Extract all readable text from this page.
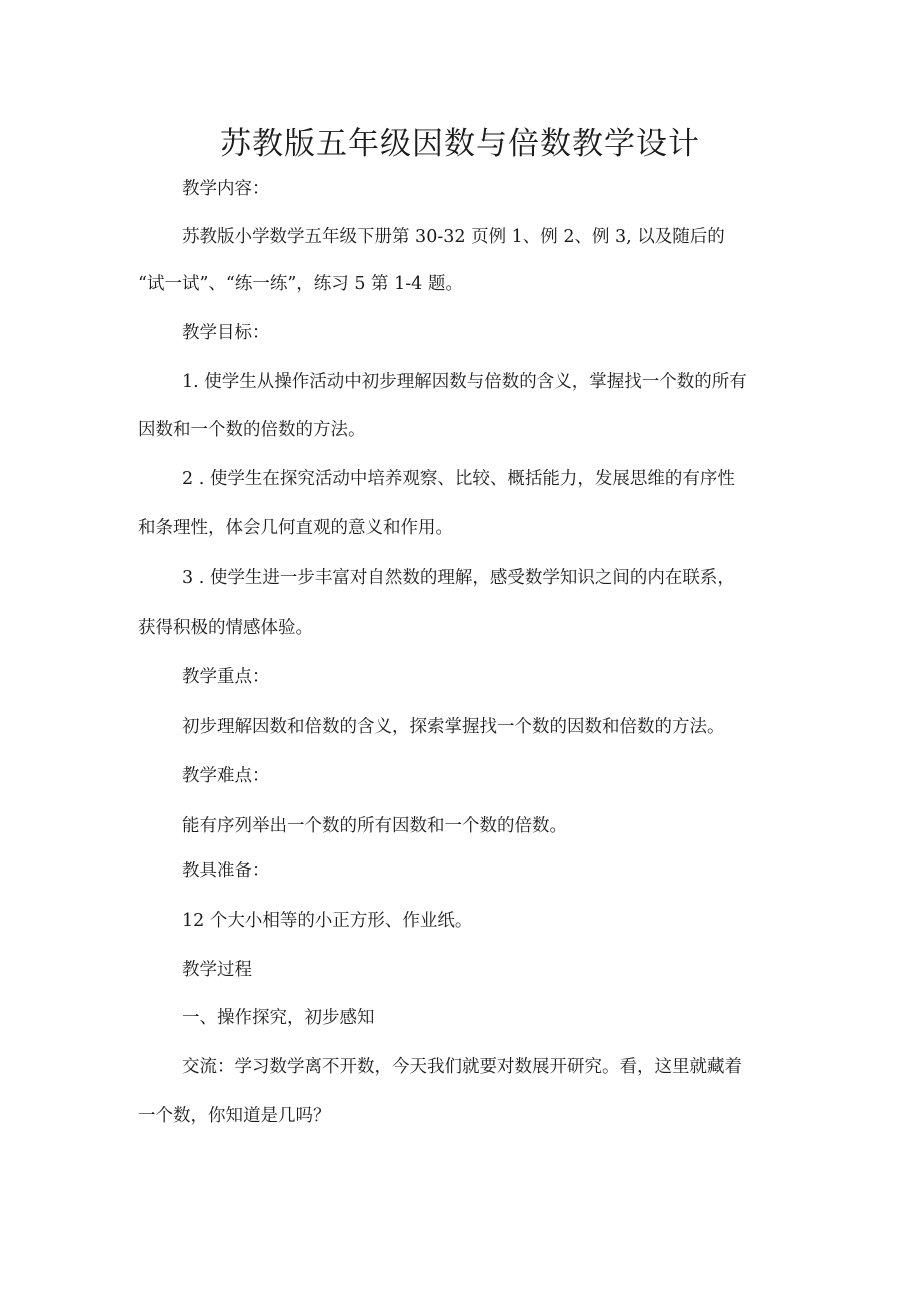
苏教版五年级因数与倍数教学设计

教学内容：

苏教版小学数学五年级下册第 30-32 页例 1、例 2、例 3, 以及随后的

“试一试”、“练一练”，练习 5 第 1-4 题。

教学目标：

1. 使学生从操作活动中初步理解因数与倍数的含义，掌握找一个数的所有

因数和一个数的倍数的方法。

2 . 使学生在探究活动中培养观察、比较、概括能力，发展思维的有序性

和条理性，体会几何直观的意义和作用。

3 . 使学生进一步丰富对自然数的理解，感受数学知识之间的内在联系，

获得积极的情感体验。

教学重点：

初步理解因数和倍数的含义，探索掌握找一个数的因数和倍数的方法。

教学难点：

能有序列举出一个数的所有因数和一个数的倍数。

教具准备：

12 个大小相等的小正方形、作业纸。

教学过程

一、操作探究，初步感知

交流：学习数学离不开数，今天我们就要对数展开研究。看，这里就藏着

一个数，你知道是几吗？
